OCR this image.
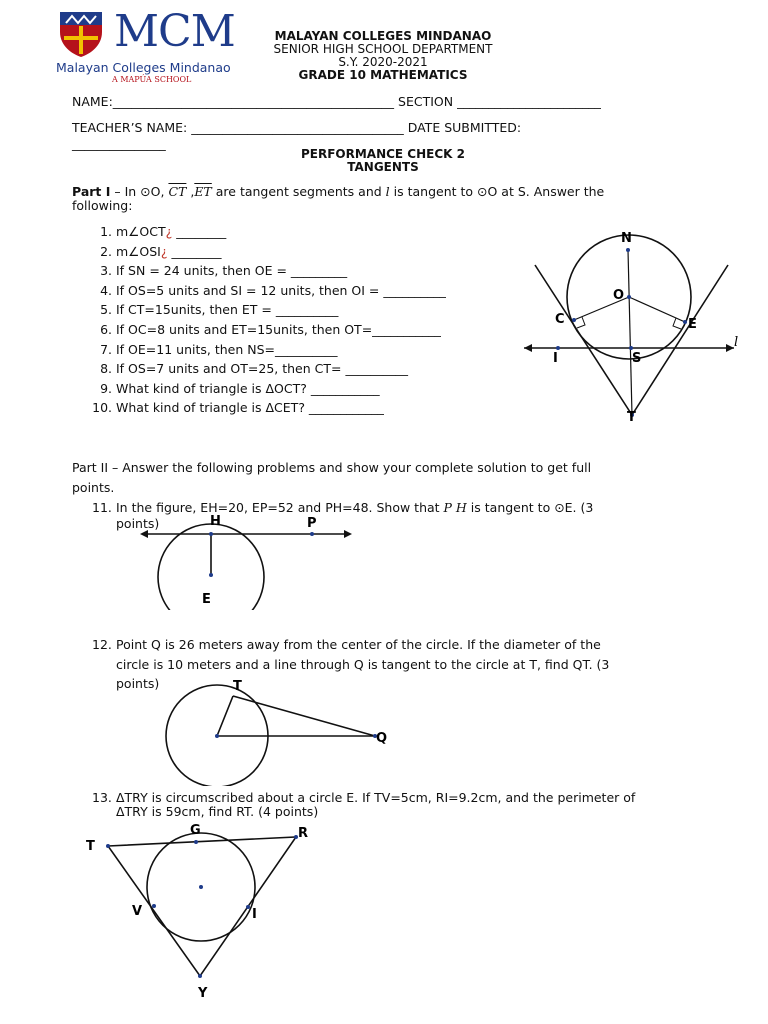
MCM
Malayan Colleges Mindanao
A MAPÚA SCHOOL
MALAYAN COLLEGES MINDANAO
SENIOR HIGH SCHOOL DEPARTMENT
S.Y. 2020-2021
GRADE 10 MATHEMATICS
NAME:_____________________________________________ SECTION _______________________
TEACHER’S NAME: __________________________________ DATE SUBMITTED:
_______________
PERFORMANCE CHECK 2
TANGENTS
Part I – In ⊙O, $\overline{CT}$ $,\overline{ET}$ are tangent segments and l is tangent to ⊙O at S. Answer the
following:
1. m∠OCT¿ ________
2. m∠OSI¿ ________
3. If SN = 24 units, then OE = _________
4. If OS=5 units and SI = 12 units, then OI = __________
5. If CT=15units, then ET = __________
6. If OC=8 units and ET=15units, then OT=___________
7. If OE=11 units, then NS=__________
8. If OS=7 units and OT=25, then CT= __________
9. What kind of triangle is ΔOCT? ___________
10. What kind of triangle is ΔCET? ____________
N
O
C	E
I	S
T
l
Part II – Answer the following problems and show your complete solution to get full
points.
11. In the figure, EH=20, EP=52 and PH=48. Show that P H is tangent to ⊙E. (3
points)	H	P
E
12. Point Q is 26 meters away from the center of the circle. If the diameter of the
circle is 10 meters and a line through Q is tangent to the circle at T, find QT. (3
points)	T
Q
13. ΔTRY is circumscribed about a circle E. If TV=5cm, RI=9.2cm, and the perimeter of
ΔTRY is 59cm, find RT. (4 points)
G
T
R
V	I
Y
